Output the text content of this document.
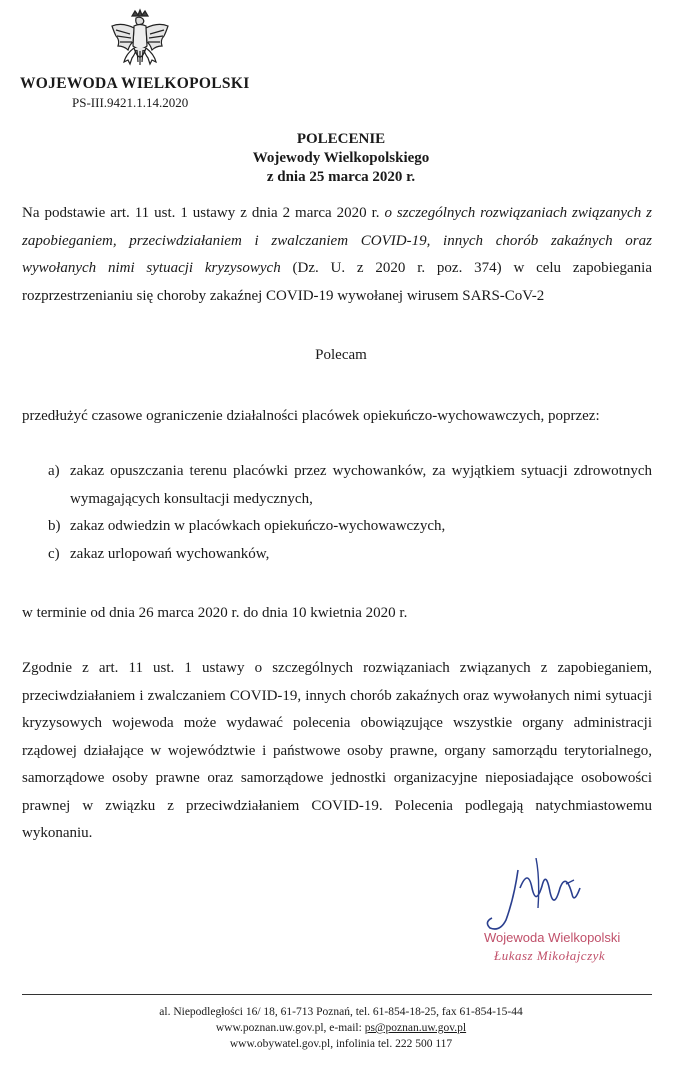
WOJEWODA WIELKOPOLSKI
PS-III.9421.1.14.2020
POLECENIE
Wojewody Wielkopolskiego
z dnia 25 marca 2020 r.
Na podstawie art. 11 ust. 1 ustawy z dnia 2 marca 2020 r. o szczególnych rozwiązaniach związanych z zapobieganiem, przeciwdziałaniem i zwalczaniem COVID-19, innych chorób zakaźnych oraz wywołanych nimi sytuacji kryzysowych (Dz. U. z 2020 r. poz. 374) w celu zapobiegania rozprzestrzenianiu się choroby zakaźnej COVID-19 wywołanej wirusem SARS-CoV-2
Polecam
przedłużyć czasowe ograniczenie działalności placówek opiekuńczo-wychowawczych, poprzez:
a) zakaz opuszczania terenu placówki przez wychowanków, za wyjątkiem sytuacji zdrowotnych wymagających konsultacji medycznych,
b) zakaz odwiedzin w placówkach opiekuńczo-wychowawczych,
c) zakaz urlopowań wychowanków,
w terminie od dnia 26 marca 2020 r. do dnia 10 kwietnia 2020 r.
Zgodnie z art. 11 ust. 1 ustawy o szczególnych rozwiązaniach związanych z zapobieganiem, przeciwdziałaniem i zwalczaniem COVID-19, innych chorób zakaźnych oraz wywołanych nimi sytuacji kryzysowych wojewoda może wydawać polecenia obowiązujące wszystkie organy administracji rządowej działające w województwie i państwowe osoby prawne, organy samorządu terytorialnego, samorządowe osoby prawne oraz samorządowe jednostki organizacyjne nieposiadające osobowości prawnej w związku z przeciwdziałaniem COVID-19. Polecenia podlegają natychmiastowemu wykonaniu.
Wojewoda Wielkopolski
Łukasz Mikołajczyk
al. Niepodległości 16/ 18, 61-713 Poznań, tel. 61-854-18-25, fax 61-854-15-44
www.poznan.uw.gov.pl, e-mail: ps@poznan.uw.gov.pl
www.obywatel.gov.pl, infolinia tel. 222 500 117
